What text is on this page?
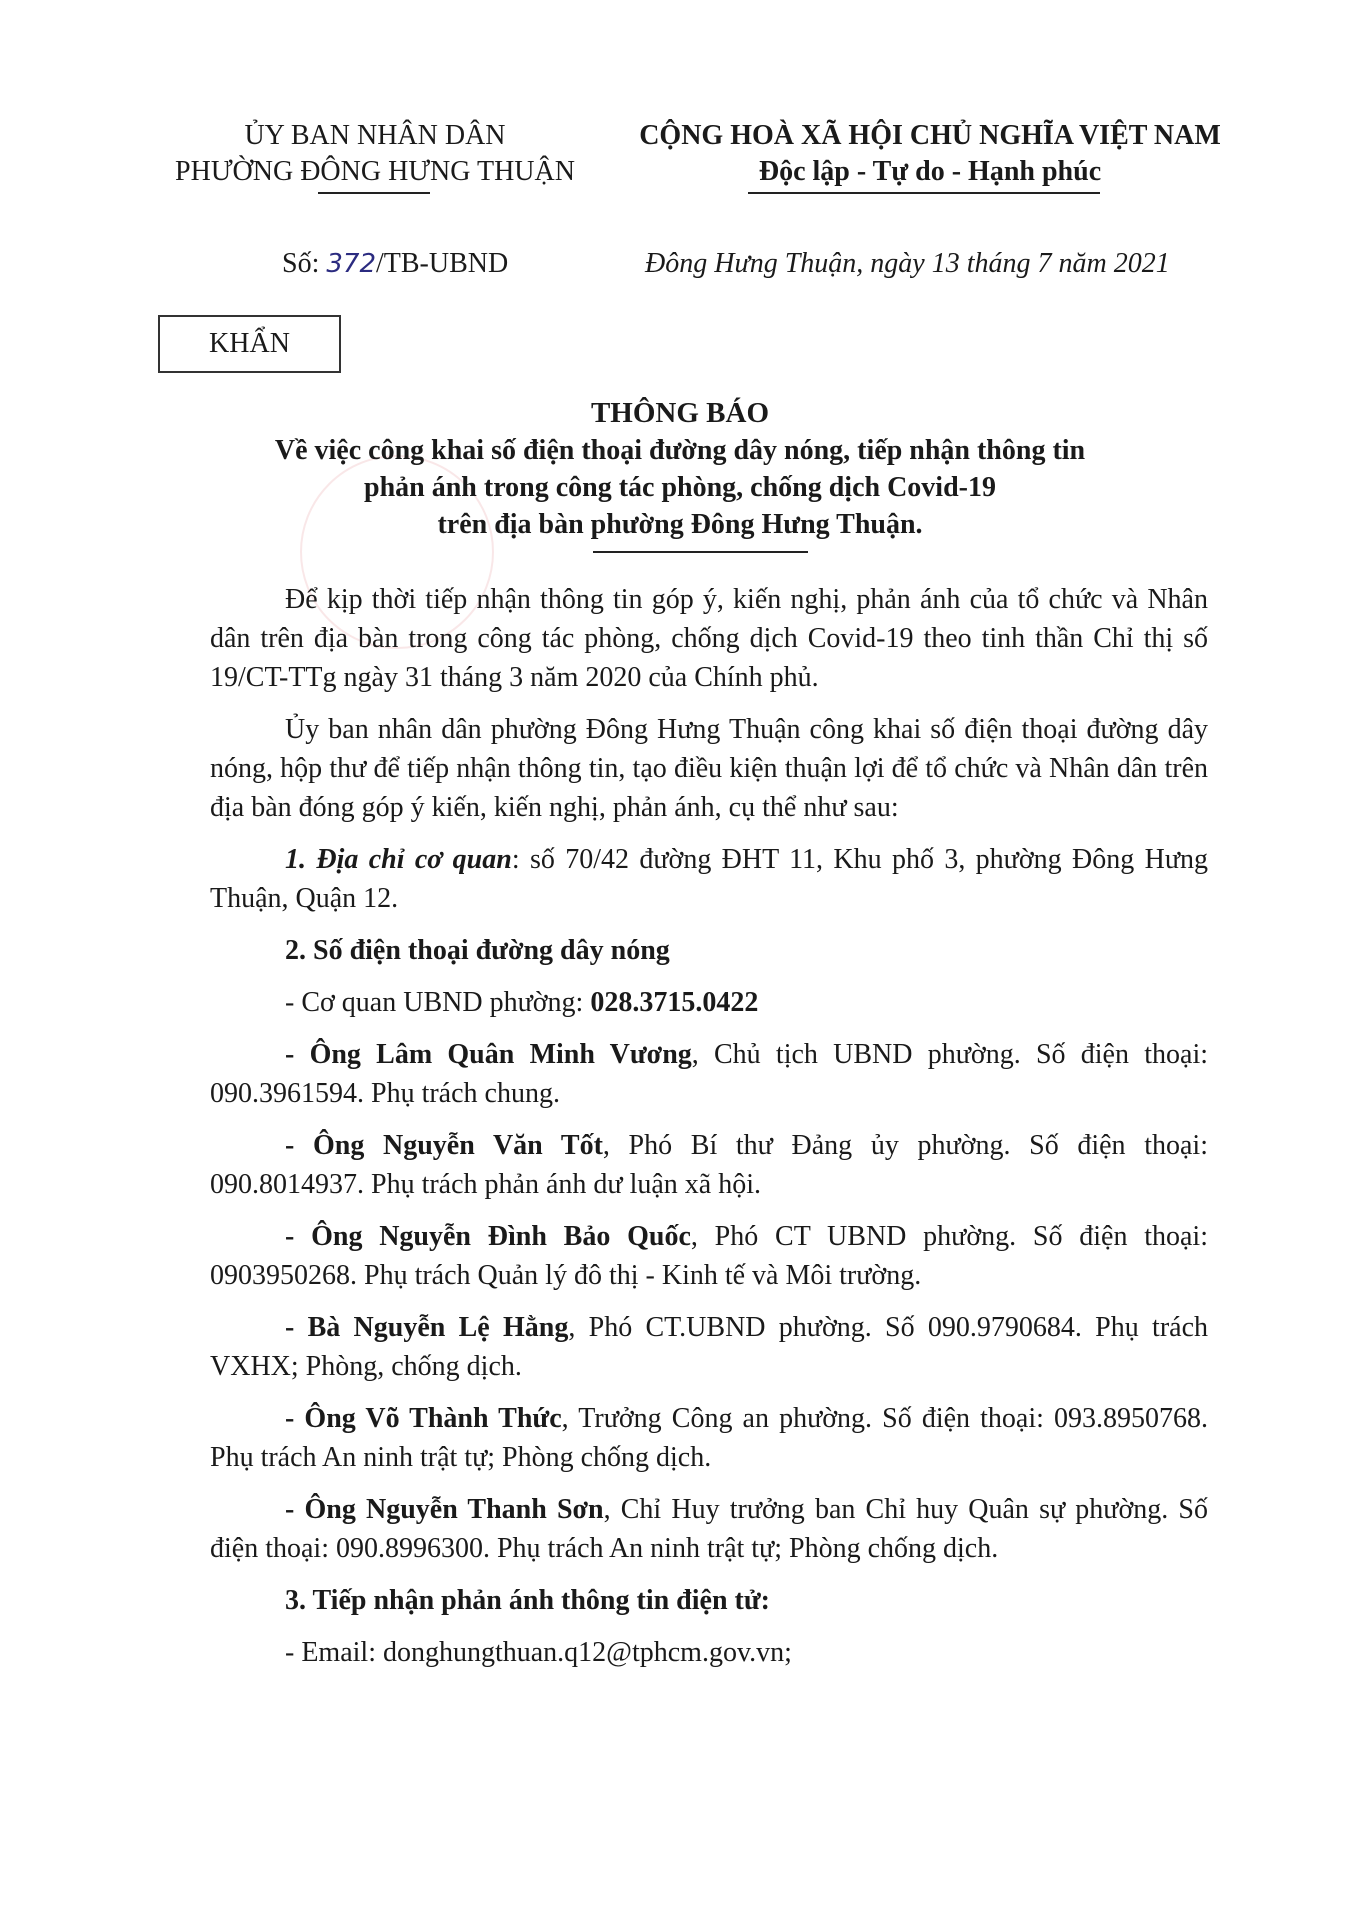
ỦY BAN NHÂN DÂN
PHƯỜNG ĐÔNG HƯNG THUẬN
CỘNG HOÀ XÃ HỘI CHỦ NGHĨA VIỆT NAM
Độc lập - Tự do - Hạnh phúc
Số: 372/TB-UBND	Đông Hưng Thuận, ngày 13 tháng 7 năm 2021
KHẨN
THÔNG BÁO
Về việc công khai số điện thoại đường dây nóng, tiếp nhận thông tin
phản ánh trong công tác phòng, chống dịch Covid-19
trên địa bàn phường Đông Hưng Thuận.

Để kịp thời tiếp nhận thông tin góp ý, kiến nghị, phản ánh của tổ chức và Nhân dân trên địa bàn trong công tác phòng, chống dịch Covid-19 theo tinh thần Chỉ thị số 19/CT-TTg ngày 31 tháng 3 năm 2020 của Chính phủ.

Ủy ban nhân dân phường Đông Hưng Thuận công khai số điện thoại đường dây nóng, hộp thư để tiếp nhận thông tin, tạo điều kiện thuận lợi để tổ chức và Nhân dân trên địa bàn đóng góp ý kiến, kiến nghị, phản ánh, cụ thể như sau:

1. Địa chỉ cơ quan: số 70/42 đường ĐHT 11, Khu phố 3, phường Đông Hưng Thuận, Quận 12.

2. Số điện thoại đường dây nóng

- Cơ quan UBND phường: 028.3715.0422

- Ông Lâm Quân Minh Vương, Chủ tịch UBND phường. Số điện thoại: 090.3961594. Phụ trách chung.

- Ông Nguyễn Văn Tốt, Phó Bí thư Đảng ủy phường. Số điện thoại: 090.8014937. Phụ trách phản ánh dư luận xã hội.

- Ông Nguyễn Đình Bảo Quốc, Phó CT UBND phường. Số điện thoại: 0903950268. Phụ trách Quản lý đô thị - Kinh tế và Môi trường.

- Bà Nguyễn Lệ Hằng, Phó CT.UBND phường. Số 090.9790684. Phụ trách VXHX; Phòng, chống dịch.

- Ông Võ Thành Thức, Trưởng Công an phường. Số điện thoại: 093.8950768. Phụ trách An ninh trật tự; Phòng chống dịch.

- Ông Nguyễn Thanh Sơn, Chỉ Huy trưởng ban Chỉ huy Quân sự phường. Số điện thoại: 090.8996300. Phụ trách An ninh trật tự; Phòng chống dịch.

3. Tiếp nhận phản ánh thông tin điện tử:

- Email: donghungthuan.q12@tphcm.gov.vn;
